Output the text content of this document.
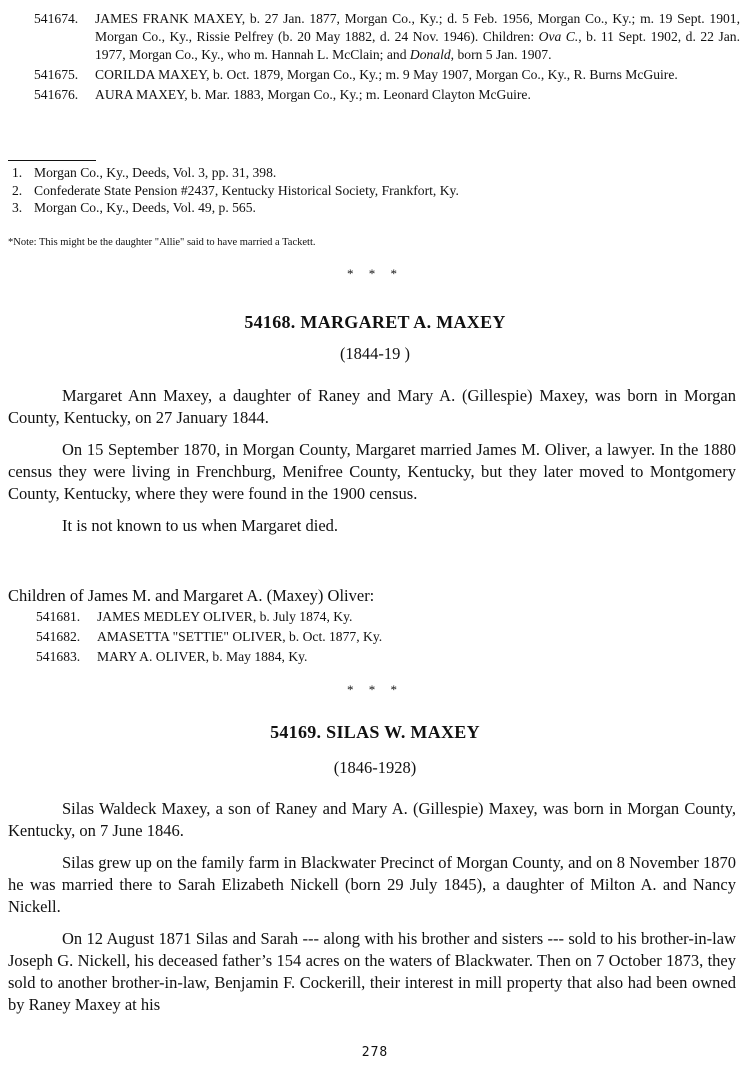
541674.	JAMES FRANK MAXEY, b. 27 Jan. 1877, Morgan Co., Ky.; d. 5 Feb. 1956, Morgan Co., Ky.; m. 19 Sept. 1901, Morgan Co., Ky., Rissie Pelfrey (b. 20 May 1882, d. 24 Nov. 1946). Children: Ova C., b. 11 Sept. 1902, d. 22 Jan. 1977, Morgan Co., Ky., who m. Hannah L. McClain; and Donald, born 5 Jan. 1907.
541675.	CORILDA MAXEY, b. Oct. 1879, Morgan Co., Ky.; m. 9 May 1907, Morgan Co., Ky., R. Burns McGuire.
541676.	AURA MAXEY, b. Mar. 1883, Morgan Co., Ky.; m. Leonard Clayton McGuire.
1. Morgan Co., Ky., Deeds, Vol. 3, pp. 31, 398.
2. Confederate State Pension #2437, Kentucky Historical Society, Frankfort, Ky.
3. Morgan Co., Ky., Deeds, Vol. 49, p. 565.
*Note: This might be the daughter "Allie" said to have married a Tackett.
* * *
54168. MARGARET A. MAXEY
(1844-19 )

Margaret Ann Maxey, a daughter of Raney and Mary A. (Gillespie) Maxey, was born in Morgan County, Kentucky, on 27 January 1844.

On 15 September 1870, in Morgan County, Margaret married James M. Oliver, a lawyer. In the 1880 census they were living in Frenchburg, Menifree County, Kentucky, but they later moved to Montgomery County, Kentucky, where they were found in the 1900 census.

It is not known to us when Margaret died.

Children of James M. and Margaret A. (Maxey) Oliver:
541681.	JAMES MEDLEY OLIVER, b. July 1874, Ky.
541682.	AMASETTA "SETTIE" OLIVER, b. Oct. 1877, Ky.
541683.	MARY A. OLIVER, b. May 1884, Ky.
* * *
54169. SILAS W. MAXEY
(1846-1928)

Silas Waldeck Maxey, a son of Raney and Mary A. (Gillespie) Maxey, was born in Morgan County, Kentucky, on 7 June 1846.

Silas grew up on the family farm in Blackwater Precinct of Morgan County, and on 8 November 1870 he was married there to Sarah Elizabeth Nickell (born 29 July 1845), a daughter of Milton A. and Nancy Nickell.

On 12 August 1871 Silas and Sarah --- along with his brother and sisters --- sold to his brother-in-law Joseph G. Nickell, his deceased father’s 154 acres on the waters of Blackwater. Then on 7 October 1873, they sold to another brother-in-law, Benjamin F. Cockerill, their interest in mill property that also had been owned by Raney Maxey at his

278
